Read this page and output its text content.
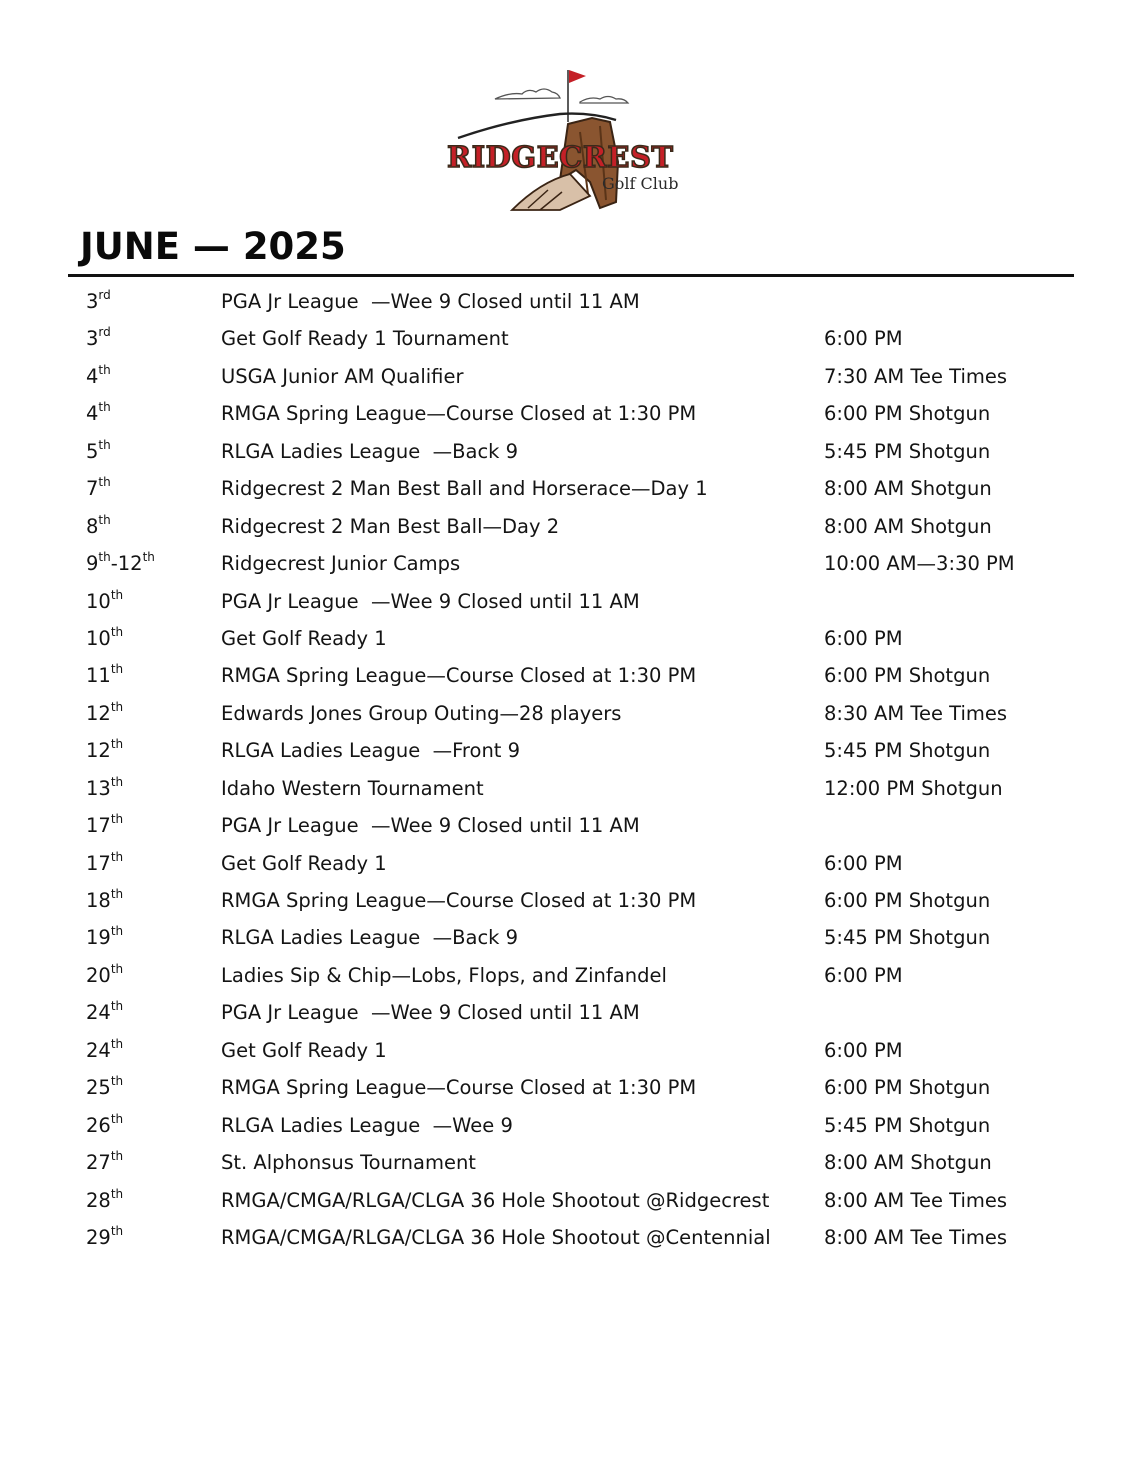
RIDGECREST
Golf Club
JUNE — 2025
3rd	PGA Jr League  —Wee 9 Closed until 11 AM
3rd	Get Golf Ready 1 Tournament	6:00 PM
4th	USGA Junior AM Qualifier	7:30 AM Tee Times
4th	RMGA Spring League—Course Closed at 1:30 PM	6:00 PM Shotgun
5th	RLGA Ladies League  —Back 9	5:45 PM Shotgun
7th	Ridgecrest 2 Man Best Ball and Horserace—Day 1	8:00 AM Shotgun
8th	Ridgecrest 2 Man Best Ball—Day 2	8:00 AM Shotgun
9th-12th	Ridgecrest Junior Camps	10:00 AM—3:30 PM
10th	PGA Jr League  —Wee 9 Closed until 11 AM
10th	Get Golf Ready 1	6:00 PM
11th	RMGA Spring League—Course Closed at 1:30 PM	6:00 PM Shotgun
12th	Edwards Jones Group Outing—28 players	8:30 AM Tee Times
12th	RLGA Ladies League  —Front 9	5:45 PM Shotgun
13th	Idaho Western Tournament	12:00 PM Shotgun
17th	PGA Jr League  —Wee 9 Closed until 11 AM
17th	Get Golf Ready 1	6:00 PM
18th	RMGA Spring League—Course Closed at 1:30 PM	6:00 PM Shotgun
19th	RLGA Ladies League  —Back 9	5:45 PM Shotgun
20th	Ladies Sip & Chip—Lobs, Flops, and Zinfandel	6:00 PM
24th	PGA Jr League  —Wee 9 Closed until 11 AM
24th	Get Golf Ready 1	6:00 PM
25th	RMGA Spring League—Course Closed at 1:30 PM	6:00 PM Shotgun
26th	RLGA Ladies League  —Wee 9	5:45 PM Shotgun
27th	St. Alphonsus Tournament	8:00 AM Shotgun
28th	RMGA/CMGA/RLGA/CLGA 36 Hole Shootout @Ridgecrest	8:00 AM Tee Times
29th	RMGA/CMGA/RLGA/CLGA 36 Hole Shootout @Centennial	8:00 AM Tee Times
